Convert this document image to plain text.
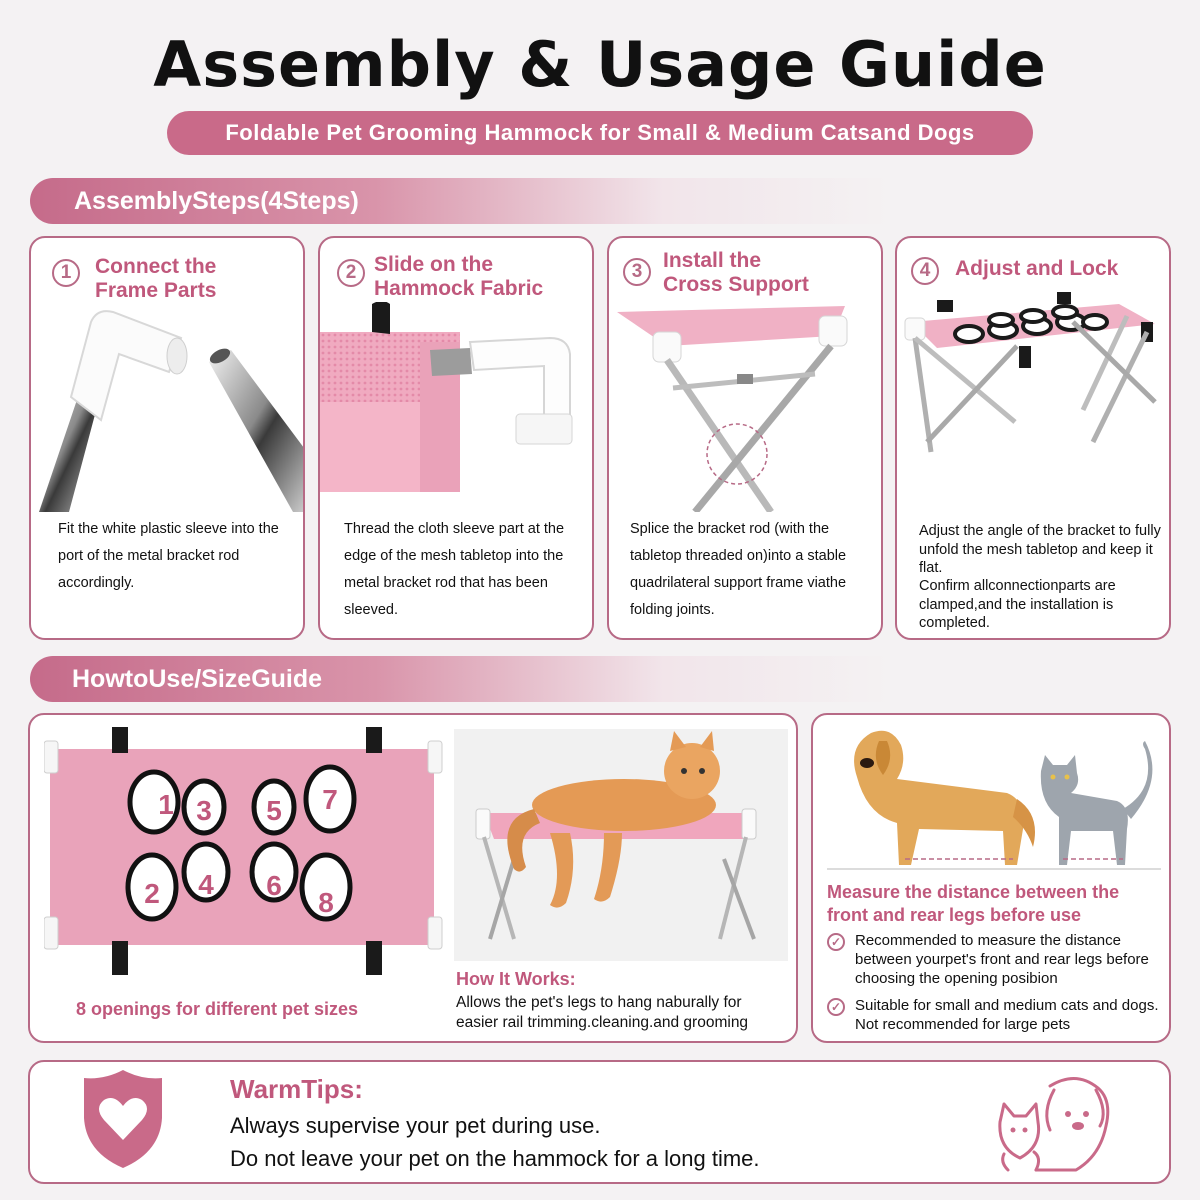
Assembly & Usage Guide
Foldable Pet Grooming Hammock for Small & Medium Catsand Dogs
AssemblySteps(4Steps)
1	Connect the
Frame Parts
Fit the white plastic sleeve into the port of the metal bracket rod accordingly.
2 Slide on the
Hammock Fabric
Thread the cloth sleeve part at the edge of the mesh tabletop into the metal bracket rod that has been sleeved.
3 Install the
Cross Support
Splice the bracket rod (with the tabletop threaded on)into a stable quadrilateral support frame viathe folding joints.
4	Adjust and Lock
Adjust the angle of the bracket to fully unfold the mesh tabletop and keep it flat.
Confirm allconnectionparts are clamped,and the installation is completed.
HowtoUse/SizeGuide
1
2
3
4
5
6
7
8
8 openings for different pet sizes
How It Works:
Allows the pet's legs to hang naburally for easier rail trimming.cleaning.and grooming
Measure the distance between the front and rear legs before use
✓ Recommended to measure the distance between yourpet's front and rear legs before choosing the opening posibion
✓ Suitable for small and medium cats and dogs. Not recommended for large pets
WarmTips:
Always supervise your pet during use.
Do not leave your pet on the hammock for a long time.
